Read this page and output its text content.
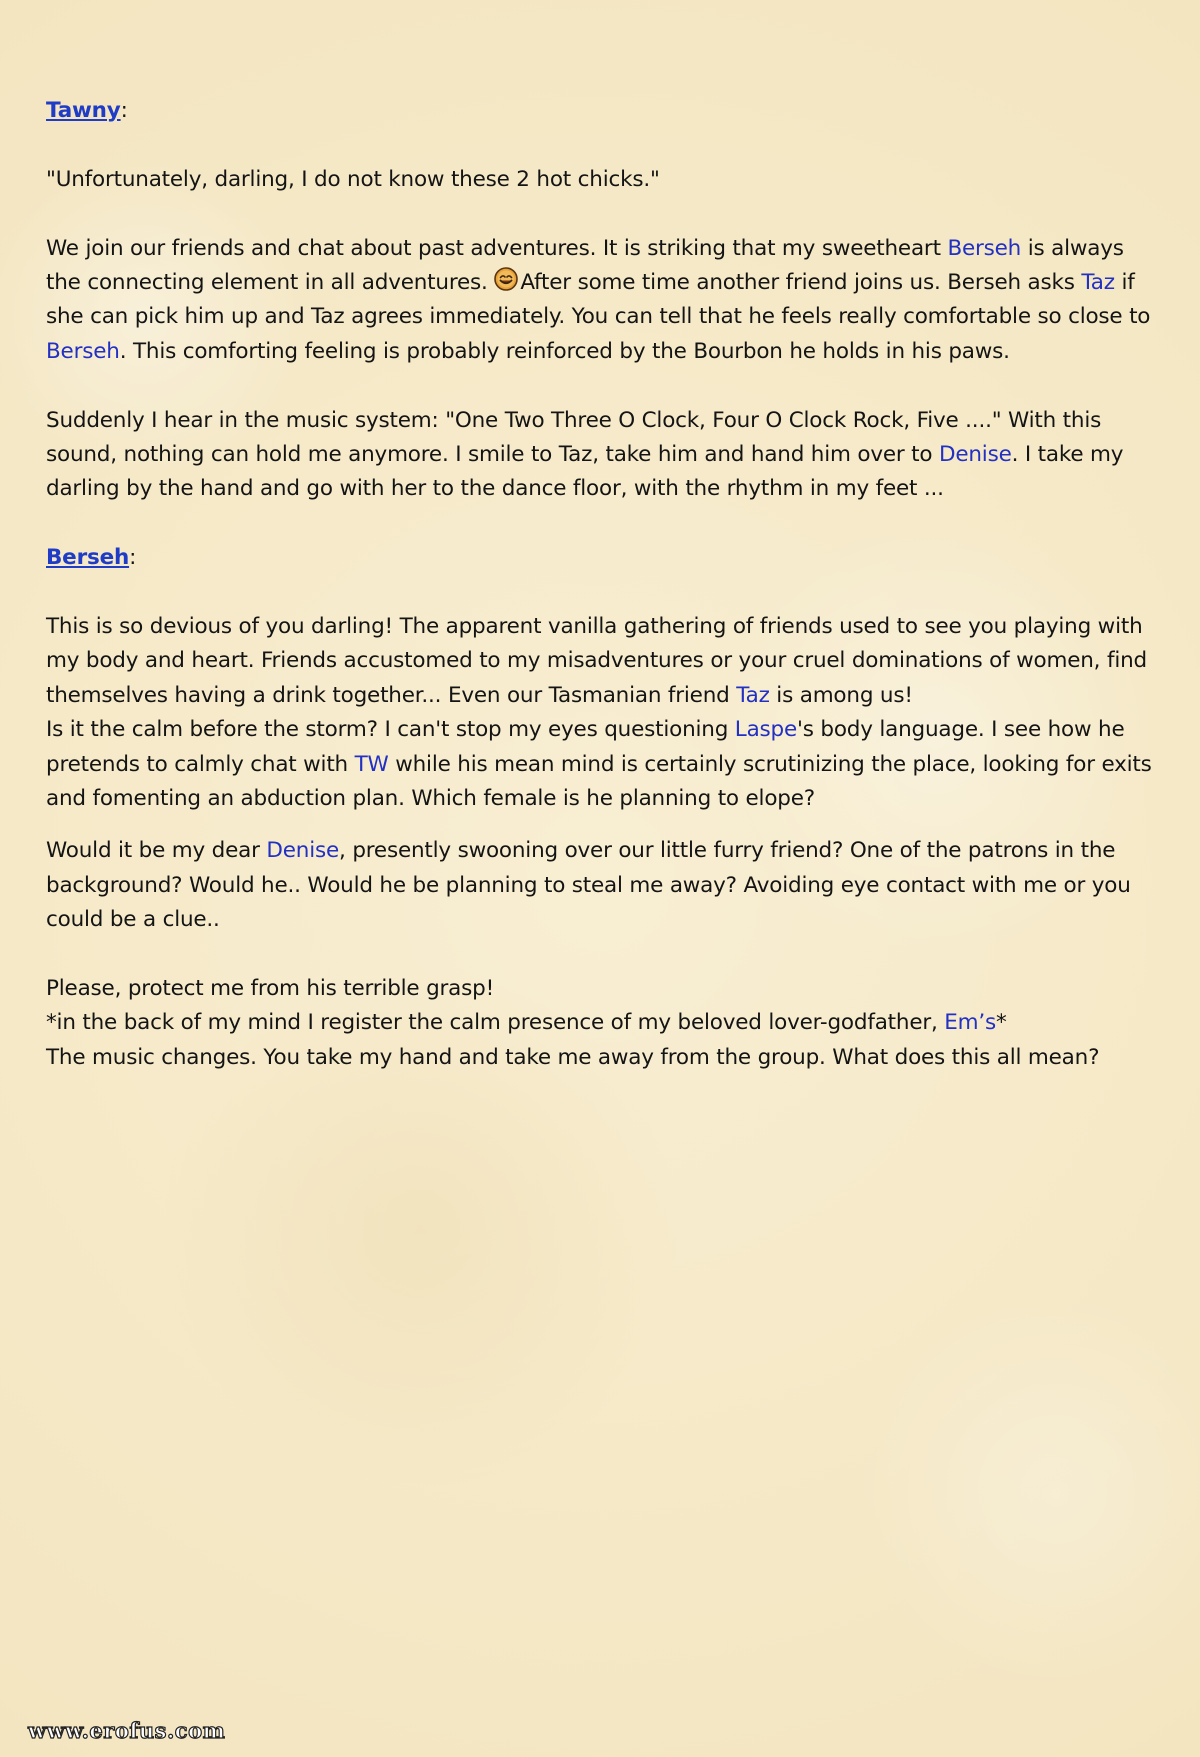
Tawny:

"Unfortunately, darling, I do not know these 2 hot chicks."

We join our friends and chat about past adventures. It is striking that my sweetheart Berseh is always the connecting element in all adventures. After some time another friend joins us. Berseh asks Taz if she can pick him up and Taz agrees immediately. You can tell that he feels really comfortable so close to Berseh. This comforting feeling is probably reinforced by the Bourbon he holds in his paws.

Suddenly I hear in the music system: "One Two Three O Clock, Four O Clock Rock, Five ...." With this sound, nothing can hold me anymore. I smile to Taz, take him and hand him over to Denise. I take my darling by the hand and go with her to the dance floor, with the rhythm in my feet ...

Berseh:

This is so devious of you darling! The apparent vanilla gathering of friends used to see you playing with my body and heart. Friends accustomed to my misadventures or your cruel dominations of women, find themselves having a drink together... Even our Tasmanian friend Taz is among us!

Is it the calm before the storm? I can't stop my eyes questioning Laspe's body language. I see how he pretends to calmly chat with TW while his mean mind is certainly scrutinizing the place, looking for exits and fomenting an abduction plan. Which female is he planning to elope?

Would it be my dear Denise, presently swooning over our little furry friend? One of the patrons in the background? Would he.. Would he be planning to steal me away? Avoiding eye contact with me or you could be a clue..

Please, protect me from his terrible grasp!

*in the back of my mind I register the calm presence of my beloved lover-godfather, Em’s*

The music changes. You take my hand and take me away from the group. What does this all mean?

www.erofus.com
